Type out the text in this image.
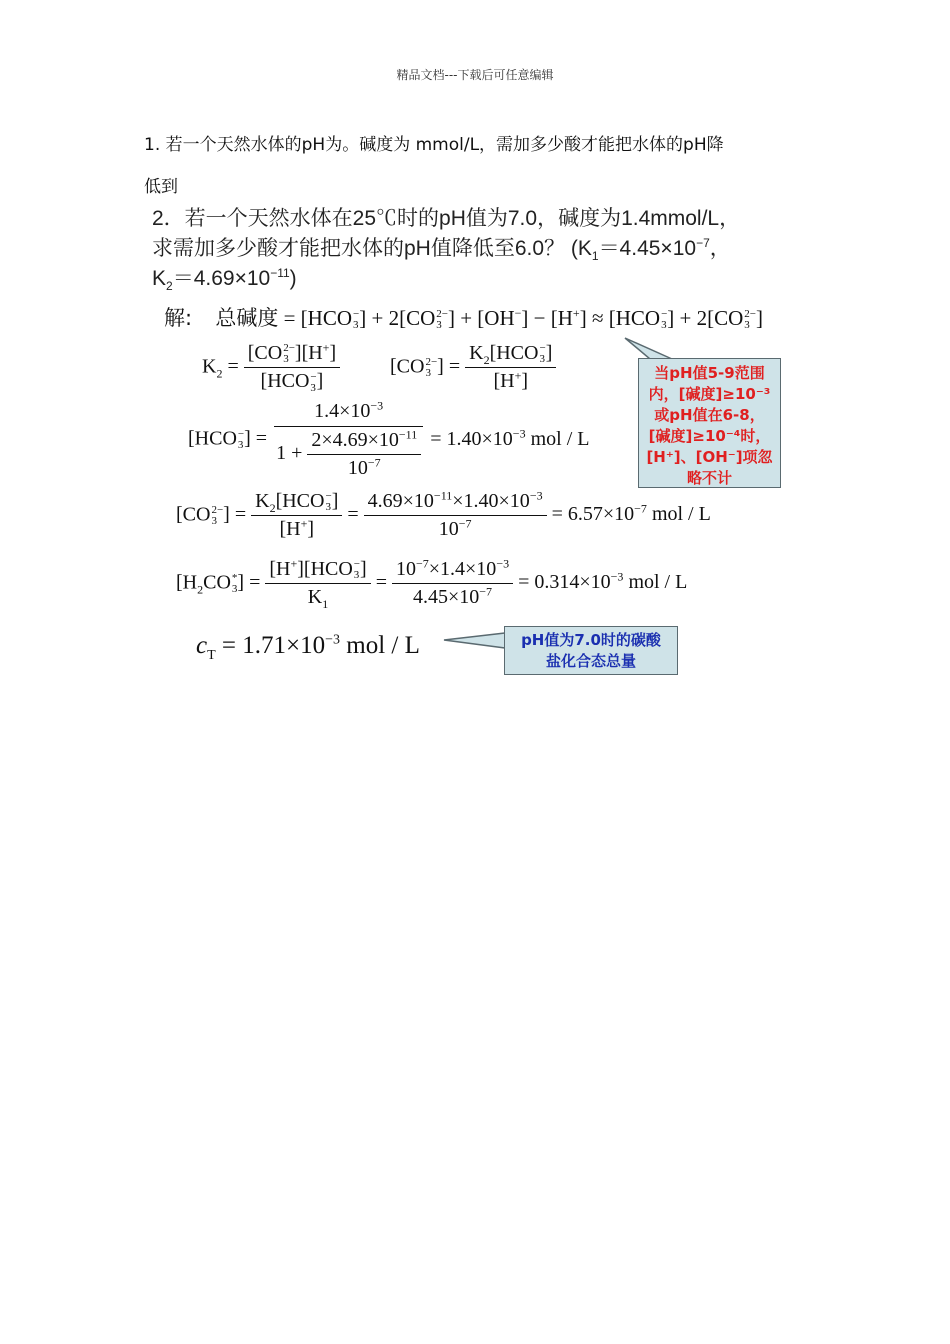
精品文档---下载后可任意编辑
1. 若一个天然水体的pH为。碱度为 mmol/L，需加多少酸才能把水体的pH降
低到
2．若一个天然水体在25℃时的pH值为7.0，碱度为1.4mmol/L，
求需加多少酸才能把水体的pH值降低至6.0？ ($K_1=4.45\times 10^{-7}$，
$K_2=4.69\times 10^{-11}$)
解: 总碱度 = [HCO −
3 ] + 2[CO 2−
3 ] + [OH−] − [H+] ≈ [HCO −
3 ] + 2[CO 2−
3 ]
$K_2 = [CO$ 2−
3 ][H+]
[HCO −
3 ] [CO 2−
3 ] = $K_2[HCO$ −
3 ]
[H+]
[HCO −
3 ] = $\frac{1.4\times 10^{-3}}{1 + \frac{2\times 4.69\times 10^{-11}}{10^{-7}}} = 1.40\times 10^{-3}$ mol / L
[CO 2−
3 ] = $K_2[HCO$ −
3 ]
$[H^+] = \frac{4.69\times 10^{-11}\times 1.40\times 10^{-3}}{10^{-7}} = 6.57\times 10^{-7}$ mol / L
[$H_2CO$ *
3 ] = [H+][HCO −
3 ]
$K_1 = \frac{10^{-7}\times 1.4\times 10^{-3}}{4.45\times 10^{-7}} = 0.314\times 10^{-3}$ mol / L
$c_T = 1.71\times 10^{-3}$ mol / L
当pH值5-9范围
内，[碱度]≥10⁻³
或pH值在6-8，
[碱度]≥10⁻⁴时，
[H⁺]、[OH⁻]项忽
略不计
pH值为7.0时的碳酸
盐化合态总量
